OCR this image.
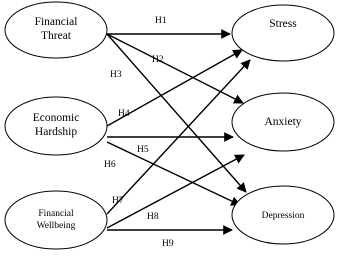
H1
H2
H3
H4
H5
H6
H7
H8
H9
Financial
Threat
Economic
Hardship
Financial
Wellbeing
Stress
Anxiety
Depression
